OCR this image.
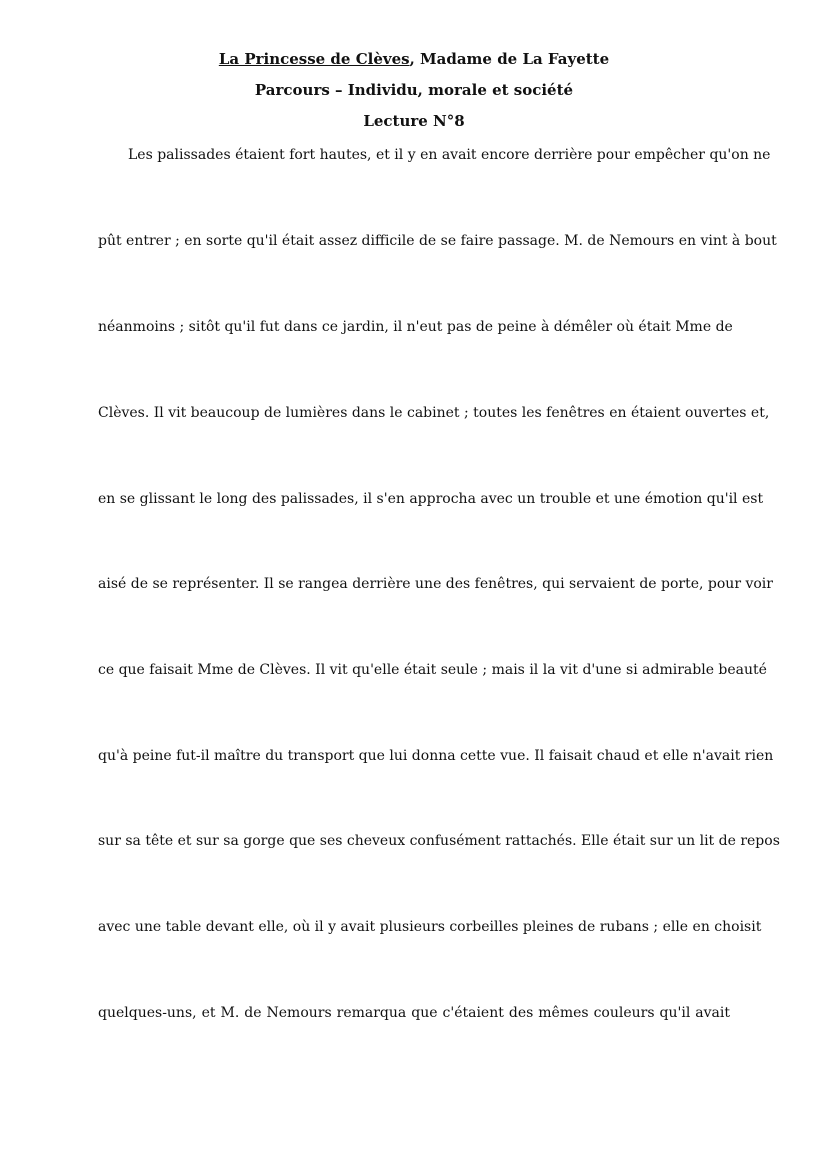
La Princesse de Clèves, Madame de La Fayette
Parcours – Individu, morale et société
Lecture N°8
Les palissades étaient fort hautes, et il y en avait encore derrière pour empêcher qu'on ne
pût entrer ; en sorte qu'il était assez difficile de se faire passage. M. de Nemours en vint à bout
néanmoins ; sitôt qu'il fut dans ce jardin, il n'eut pas de peine à démêler où était Mme de
Clèves. Il vit beaucoup de lumières dans le cabinet ; toutes les fenêtres en étaient ouvertes et,
en se glissant le long des palissades, il s'en approcha avec un trouble et une émotion qu'il est
aisé de se représenter. Il se rangea derrière une des fenêtres, qui servaient de porte, pour voir
ce que faisait Mme de Clèves. Il vit qu'elle était seule ; mais il la vit d'une si admirable beauté
qu'à peine fut-il maître du transport que lui donna cette vue. Il faisait chaud et elle n'avait rien
sur sa tête et sur sa gorge que ses cheveux confusément rattachés. Elle était sur un lit de repos
avec une table devant elle, où il y avait plusieurs corbeilles pleines de rubans ; elle en choisit
quelques-uns, et M. de Nemours remarqua que c'étaient des mêmes couleurs qu'il avait
